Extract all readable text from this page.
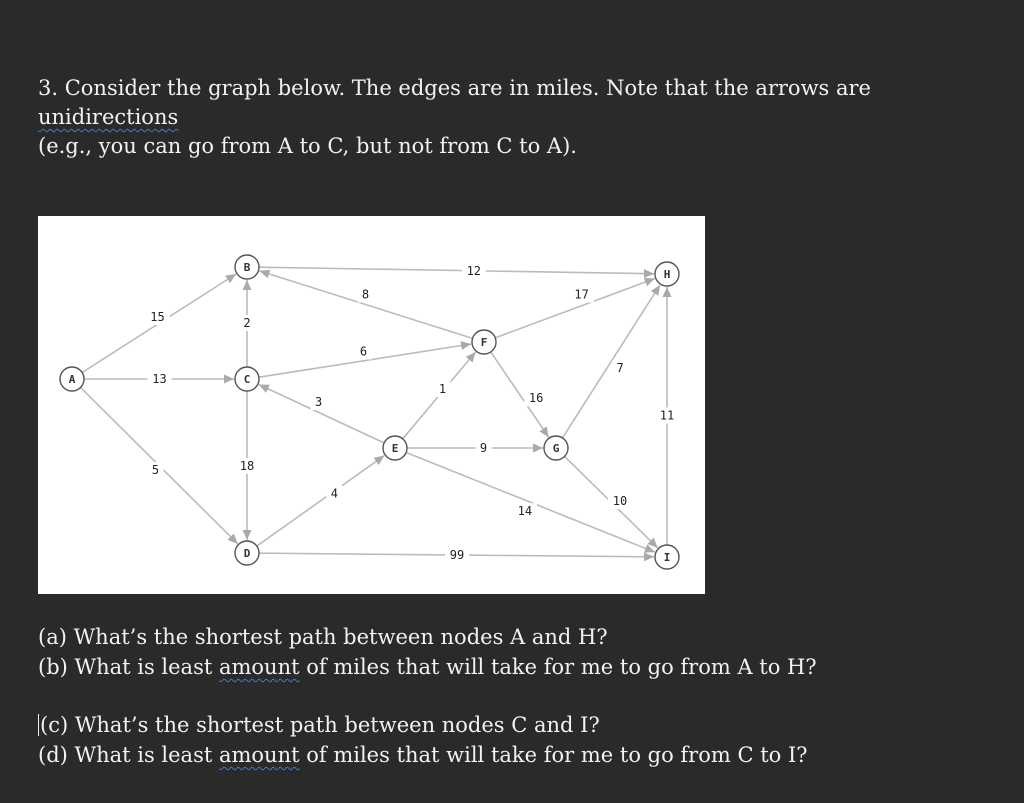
3. Consider the graph below. The edges are in miles. Note that the arrows are unidirections

(e.g., you can go from A to C, but not from C to A).

15
13
5
2
18
12
8
6
3
4
1
9
16
17
7
11
10
14
99
A
B
C
D
E
F
G
H
I

(a) What’s the shortest path between nodes A and H?

(b) What is least amount of miles that will take for me to go from A to H?

(c) What’s the shortest path between nodes C and I?

(d) What is least amount of miles that will take for me to go from C to I?
